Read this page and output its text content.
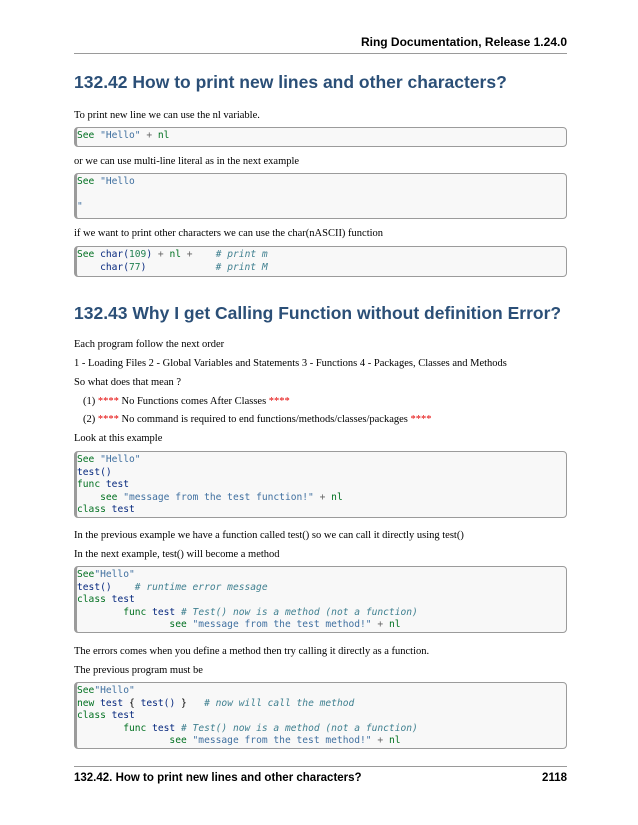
Ring Documentation, Release 1.24.0
132.42 How to print new lines and other characters?
To print new line we can use the nl variable.
See "Hello" + nl
or we can use multi-line literal as in the next example
See "Hello
"
if we want to print other characters we can use the char(nASCII) function
See char(109) + nl + # print m
char(77)	# print M
132.43 Why I get Calling Function without definition Error?
Each program follow the next order
1 - Loading Files 2 - Global Variables and Statements 3 - Functions 4 - Packages, Classes and Methods
So what does that mean ?
(1) **** No Functions comes After Classes ****
(2) **** No command is required to end functions/methods/classes/packages ****
Look at this example
See "Hello"
test()
func test
see "message from the test function!" + nl
class test
In the previous example we have a function called test() so we can call it directly using test()
In the next example, test() will become a method
See"Hello"
test() # runtime error message
class test
func test # Test() now is a method (not a function)
see "message from the test method!" + nl
The errors comes when you define a method then try calling it directly as a function.
The previous program must be
See"Hello"
new test { test() } # now will call the method
class test
func test # Test() now is a method (not a function)
see "message from the test method!" + nl
132.42. How to print new lines and other characters?	2118
